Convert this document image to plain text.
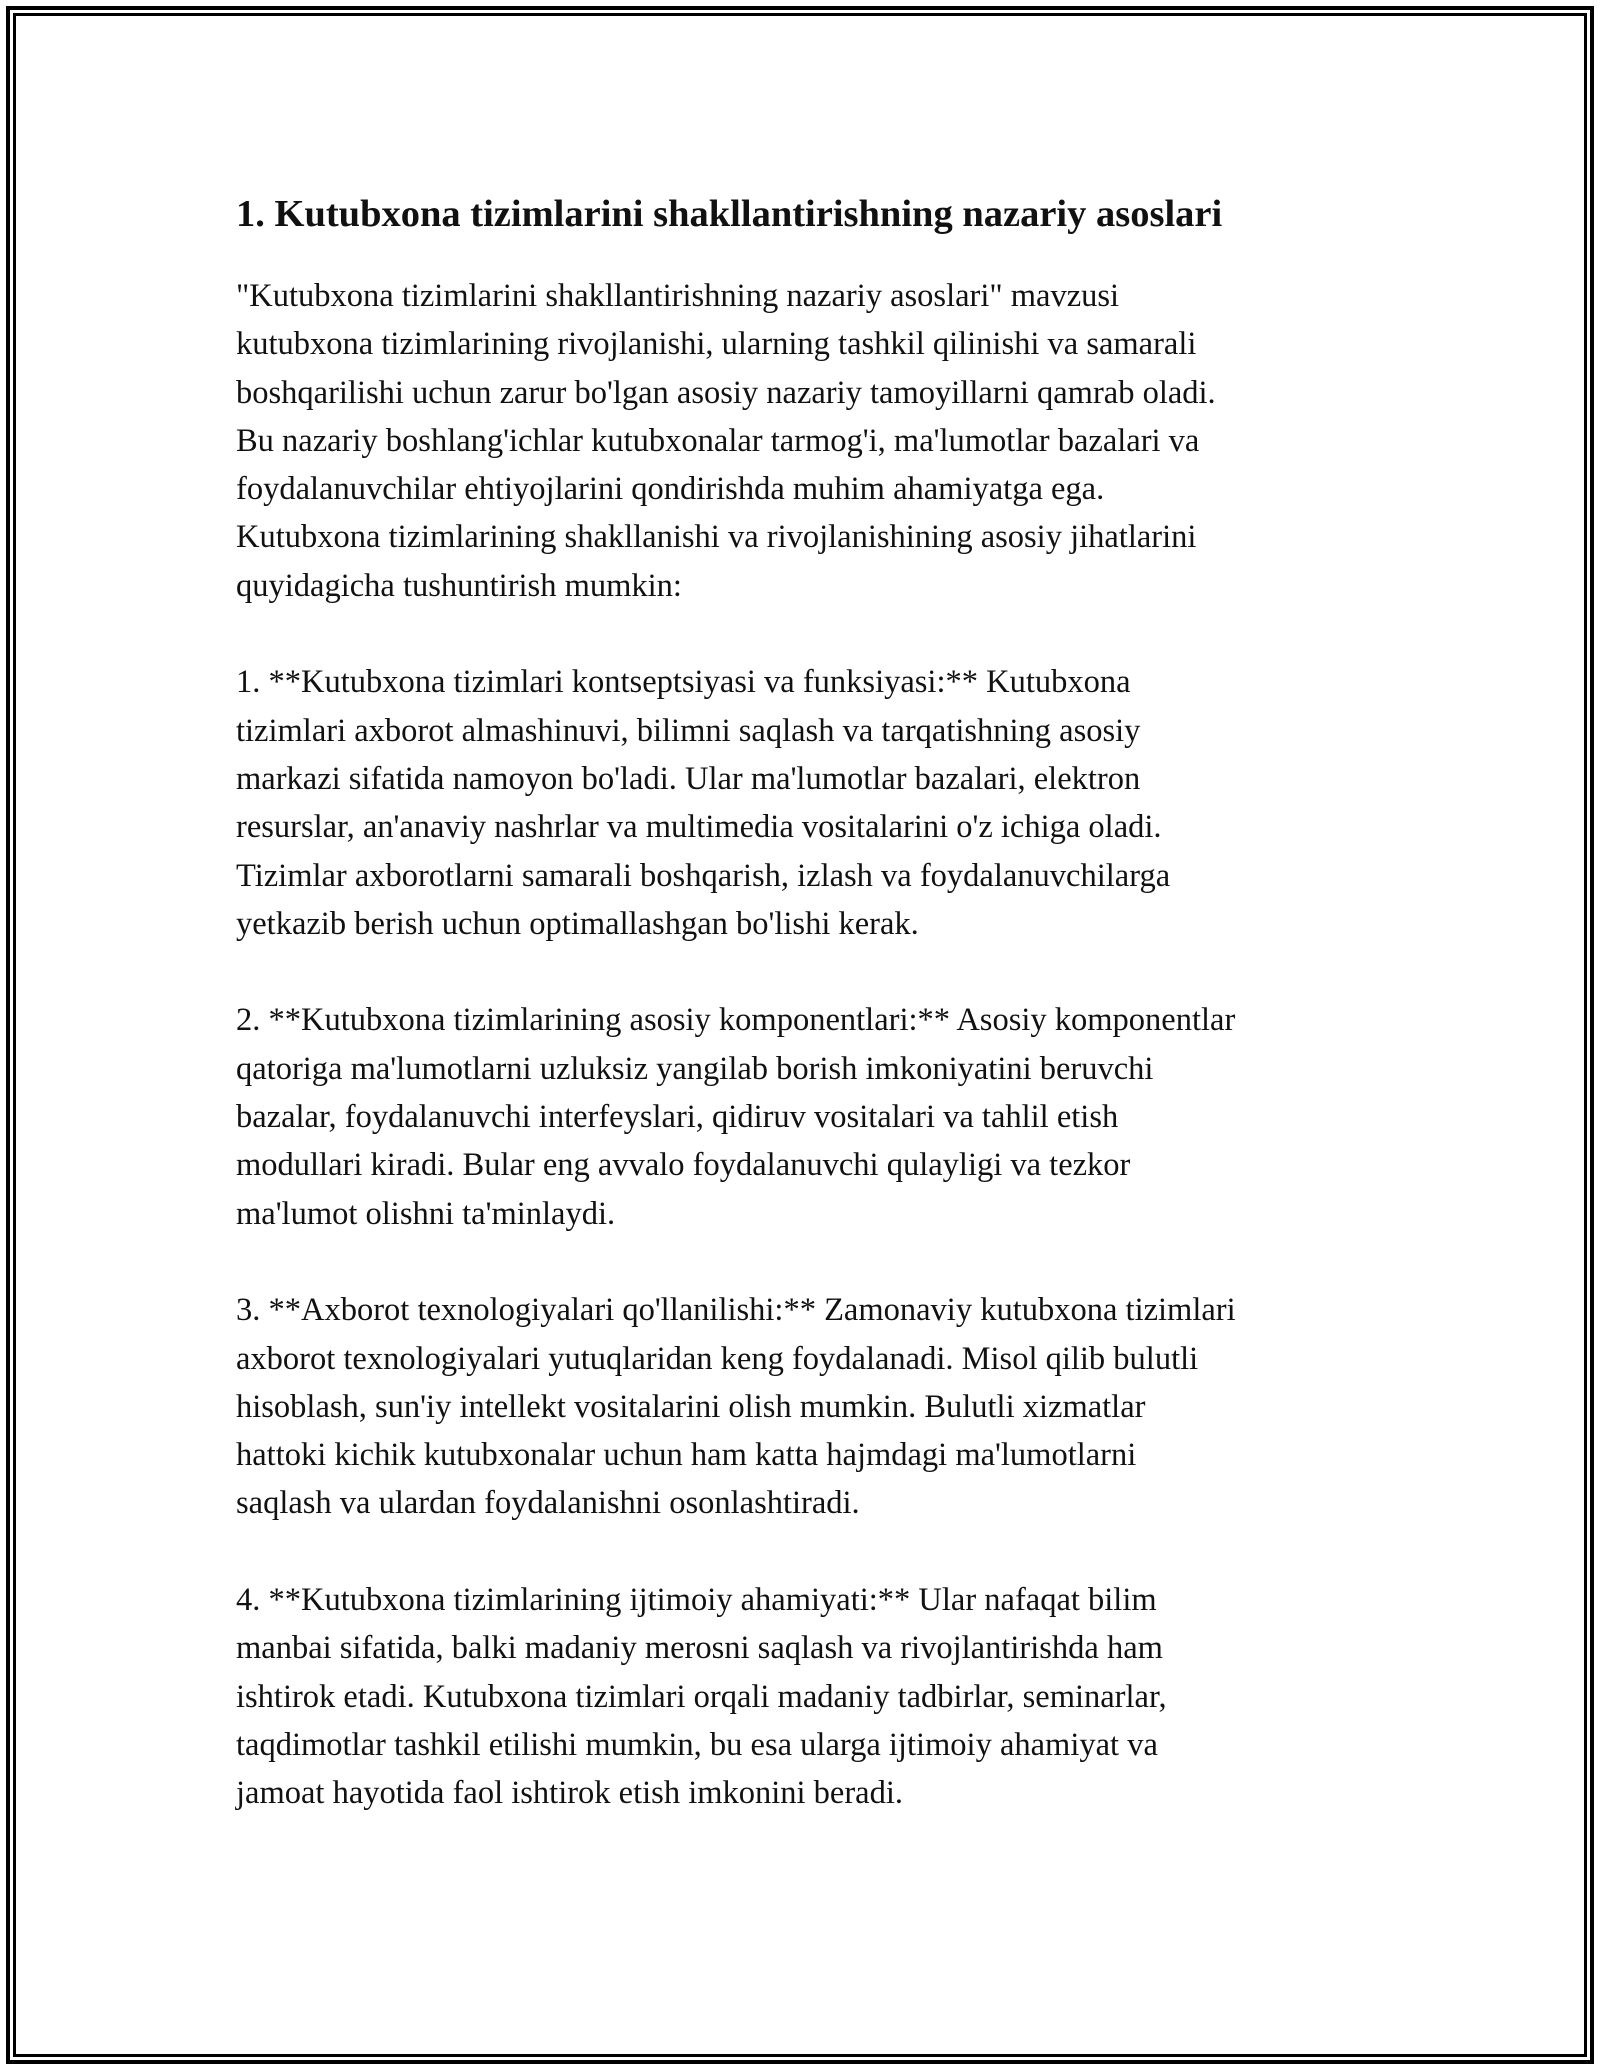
1. Kutubxona tizimlarini shakllantirishning nazariy asoslari

"Kutubxona tizimlarini shakllantirishning nazariy asoslari" mavzusi
kutubxona tizimlarining rivojlanishi, ularning tashkil qilinishi va samarali
boshqarilishi uchun zarur bo'lgan asosiy nazariy tamoyillarni qamrab oladi.
Bu nazariy boshlang'ichlar kutubxonalar tarmog'i, ma'lumotlar bazalari va
foydalanuvchilar ehtiyojlarini qondirishda muhim ahamiyatga ega.
Kutubxona tizimlarining shakllanishi va rivojlanishining asosiy jihatlarini
quyidagicha tushuntirish mumkin:

1. **Kutubxona tizimlari kontseptsiyasi va funksiyasi:** Kutubxona
tizimlari axborot almashinuvi, bilimni saqlash va tarqatishning asosiy
markazi sifatida namoyon bo'ladi. Ular ma'lumotlar bazalari, elektron
resurslar, an'anaviy nashrlar va multimedia vositalarini o'z ichiga oladi.
Tizimlar axborotlarni samarali boshqarish, izlash va foydalanuvchilarga
yetkazib berish uchun optimallashgan bo'lishi kerak.

2. **Kutubxona tizimlarining asosiy komponentlari:** Asosiy komponentlar
qatoriga ma'lumotlarni uzluksiz yangilab borish imkoniyatini beruvchi
bazalar, foydalanuvchi interfeyslari, qidiruv vositalari va tahlil etish
modullari kiradi. Bular eng avvalo foydalanuvchi qulayligi va tezkor
ma'lumot olishni ta'minlaydi.

3. **Axborot texnologiyalari qo'llanilishi:** Zamonaviy kutubxona tizimlari
axborot texnologiyalari yutuqlaridan keng foydalanadi. Misol qilib bulutli
hisoblash, sun'iy intellekt vositalarini olish mumkin. Bulutli xizmatlar
hattoki kichik kutubxonalar uchun ham katta hajmdagi ma'lumotlarni
saqlash va ulardan foydalanishni osonlashtiradi.

4. **Kutubxona tizimlarining ijtimoiy ahamiyati:** Ular nafaqat bilim
manbai sifatida, balki madaniy merosni saqlash va rivojlantirishda ham
ishtirok etadi. Kutubxona tizimlari orqali madaniy tadbirlar, seminarlar,
taqdimotlar tashkil etilishi mumkin, bu esa ularga ijtimoiy ahamiyat va
jamoat hayotida faol ishtirok etish imkonini beradi.
